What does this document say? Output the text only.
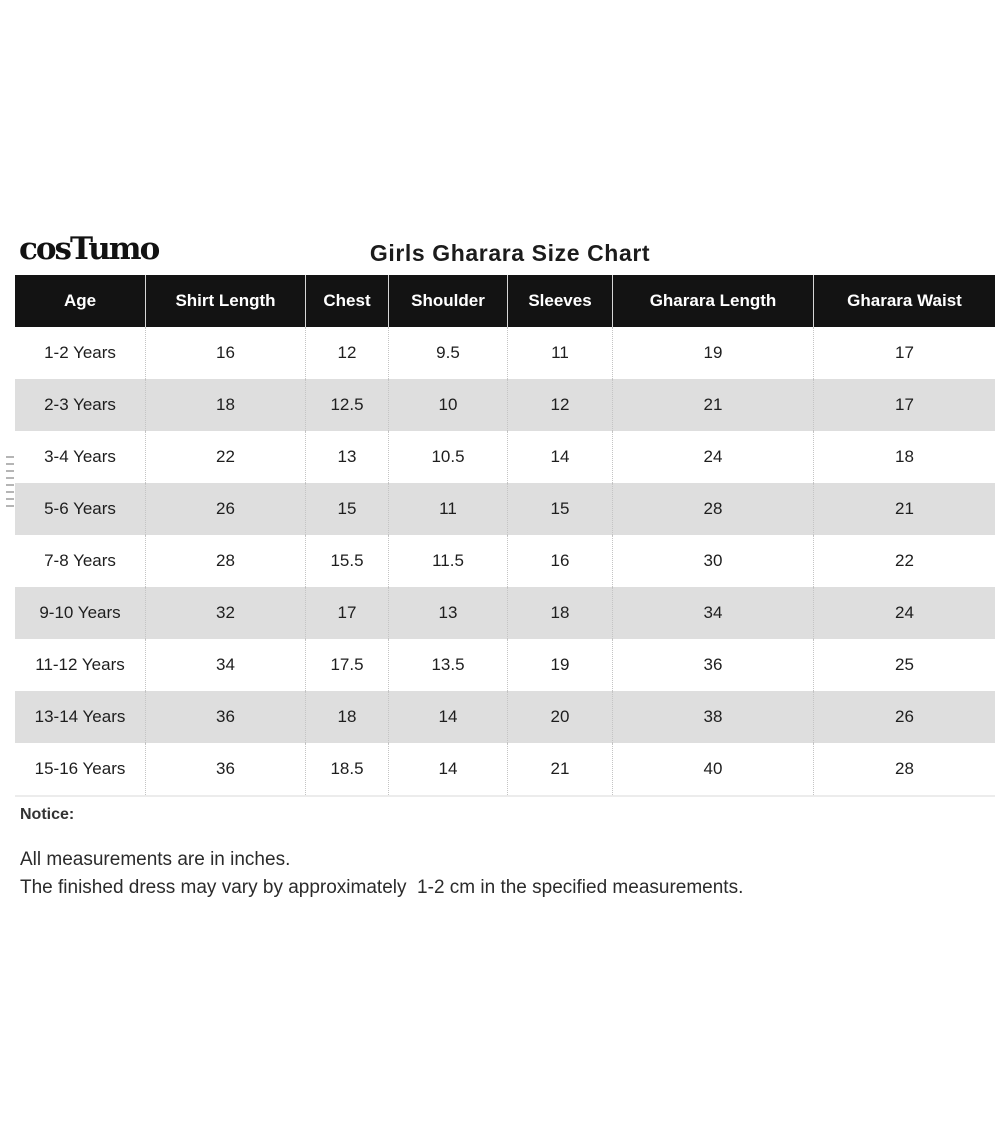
cosTumo	Girls Gharara Size Chart
Age	Shirt Length	Chest	Shoulder	Sleeves	Gharara Length	Gharara Waist
1-2 Years	16	12	9.5	11	19	17
2-3 Years	18	12.5	10	12	21	17
3-4 Years	22	13	10.5	14	24	18
5-6 Years	26	15	11	15	28	21
7-8 Years	28	15.5	11.5	16	30	22
9-10 Years	32	17	13	18	34	24
11-12 Years	34	17.5	13.5	19	36	25
13-14 Years	36	18	14	20	38	26
15-16 Years	36	18.5	14	21	40	28
Notice:
All measurements are in inches.
The finished dress may vary by approximately  1-2 cm in the specified measurements.
